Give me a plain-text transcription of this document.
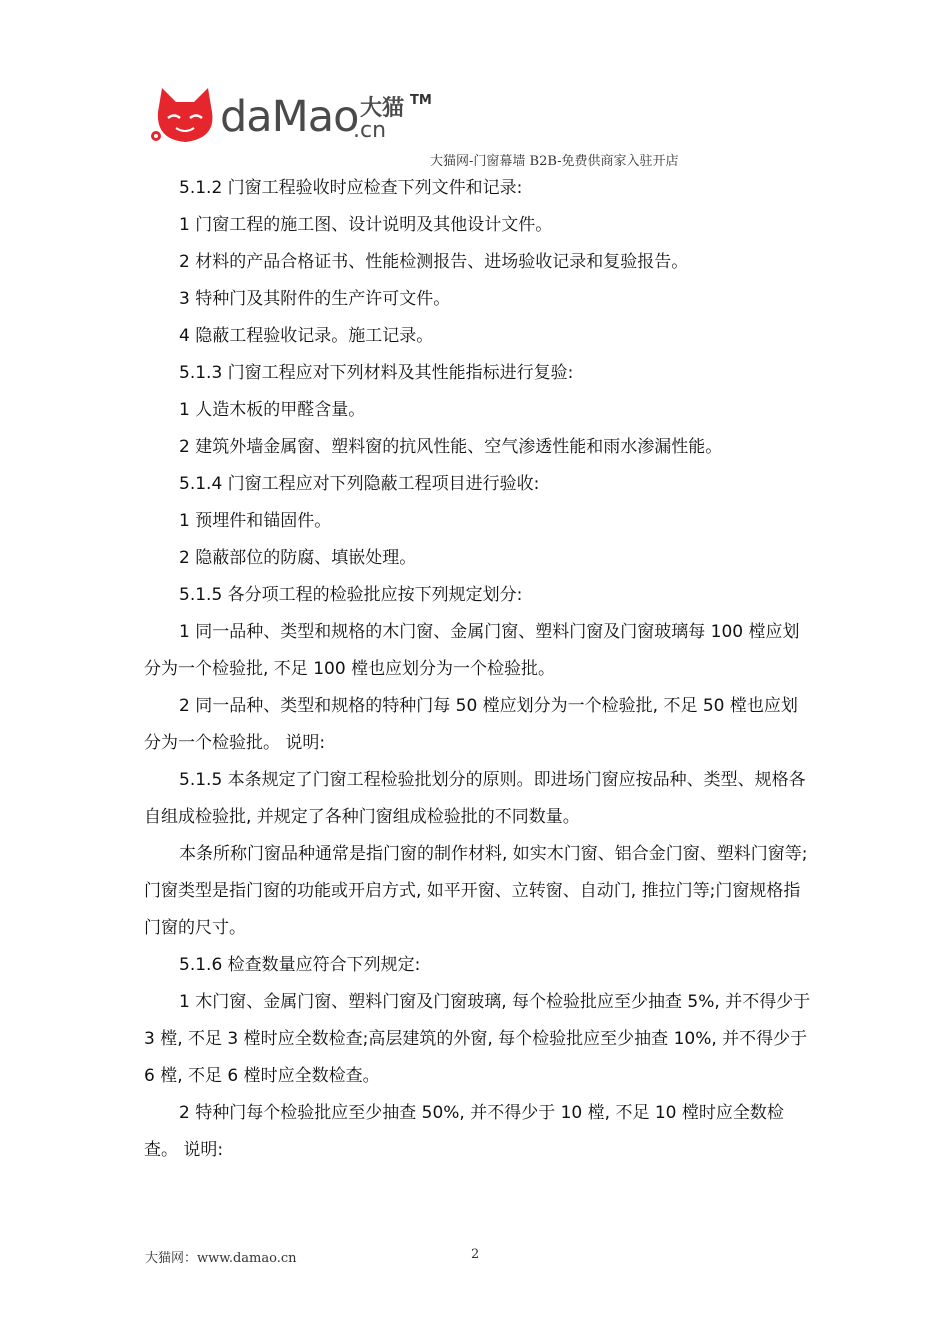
daMao 大猫
.cn
TM
大猫网-门窗幕墙 B2B-免费供商家入驻开店

5.1.2 门窗工程验收时应检查下列文件和记录:

1 门窗工程的施工图、设计说明及其他设计文件。

2 材料的产品合格证书、性能检测报告、进场验收记录和复验报告。

3 特种门及其附件的生产许可文件。

4 隐蔽工程验收记录。施工记录。

5.1.3 门窗工程应对下列材料及其性能指标进行复验:

1 人造木板的甲醛含量。

2 建筑外墙金属窗、塑料窗的抗风性能、空气渗透性能和雨水渗漏性能。

5.1.4 门窗工程应对下列隐蔽工程项目进行验收:

1 预埋件和锚固件。

2 隐蔽部位的防腐、填嵌处理。

5.1.5 各分项工程的检验批应按下列规定划分:

1 同一品种、类型和规格的木门窗、金属门窗、塑料门窗及门窗玻璃每 100 樘应划分为一个检验批, 不足 100 樘也应划分为一个检验批。

2 同一品种、类型和规格的特种门每 50 樘应划分为一个检验批, 不足 50 樘也应划分为一个检验批。 说明:

5.1.5 本条规定了门窗工程检验批划分的原则。即进场门窗应按品种、类型、规格各自组成检验批, 并规定了各种门窗组成检验批的不同数量。

本条所称门窗品种通常是指门窗的制作材料, 如实木门窗、铝合金门窗、塑料门窗等;门窗类型是指门窗的功能或开启方式, 如平开窗、立转窗、自动门, 推拉门等;门窗规格指门窗的尺寸。

5.1.6 检查数量应符合下列规定:

1 木门窗、金属门窗、塑料门窗及门窗玻璃, 每个检验批应至少抽查 5%, 并不得少于 3 樘, 不足 3 樘时应全数检查;高层建筑的外窗, 每个检验批应至少抽查 10%, 并不得少于 6 樘, 不足 6 樘时应全数检查。

2 特种门每个检验批应至少抽查 50%, 并不得少于 10 樘, 不足 10 樘时应全数检查。 说明:

大猫网：www.damao.cn	2
